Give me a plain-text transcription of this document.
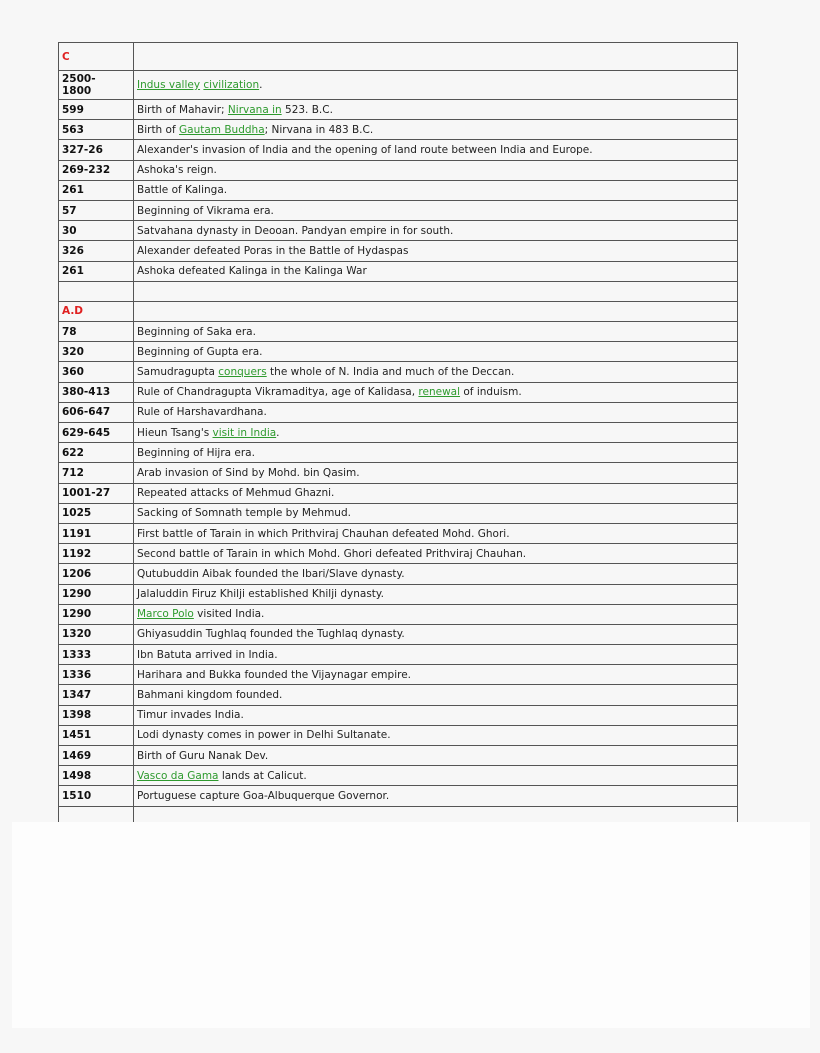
C	
2500-
1800	Indus valley civilization.
599	Birth of Mahavir; Nirvana in 523. B.C.
563	Birth of Gautam Buddha; Nirvana in 483 B.C.
327-26	Alexander's invasion of India and the opening of land route between India and Europe.
269-232	Ashoka's reign.
261	Battle of Kalinga.
57	Beginning of Vikrama era.
30	Satvahana dynasty in Deooan. Pandyan empire in for south.
326	Alexander defeated Poras in the Battle of Hydaspas
261	Ashoka defeated Kalinga in the Kalinga War

A.D	
78	Beginning of Saka era.
320	Beginning of Gupta era.
360	Samudragupta conquers the whole of N. India and much of the Deccan.
380-413	Rule of Chandragupta Vikramaditya, age of Kalidasa, renewal of induism.
606-647	Rule of Harshavardhana.
629-645	Hieun Tsang's visit in India.
622	Beginning of Hijra era.
712	Arab invasion of Sind by Mohd. bin Qasim.
1001-27	Repeated attacks of Mehmud Ghazni.
1025	Sacking of Somnath temple by Mehmud.
1191	First battle of Tarain in which Prithviraj Chauhan defeated Mohd. Ghori.
1192	Second battle of Tarain in which Mohd. Ghori defeated Prithviraj Chauhan.
1206	Qutubuddin Aibak founded the Ibari/Slave dynasty.
1290	Jalaluddin Firuz Khilji established Khilji dynasty.
1290	Marco Polo visited India.
1320	Ghiyasuddin Tughlaq founded the Tughlaq dynasty.
1333	Ibn Batuta arrived in India.
1336	Harihara and Bukka founded the Vijaynagar empire.
1347	Bahmani kingdom founded.
1398	Timur invades India.
1451	Lodi dynasty comes in power in Delhi Sultanate.
1469	Birth of Guru Nanak Dev.
1498	Vasco da Gama lands at Calicut.
1510	Portuguese capture Goa-Albuquerque Governor.
